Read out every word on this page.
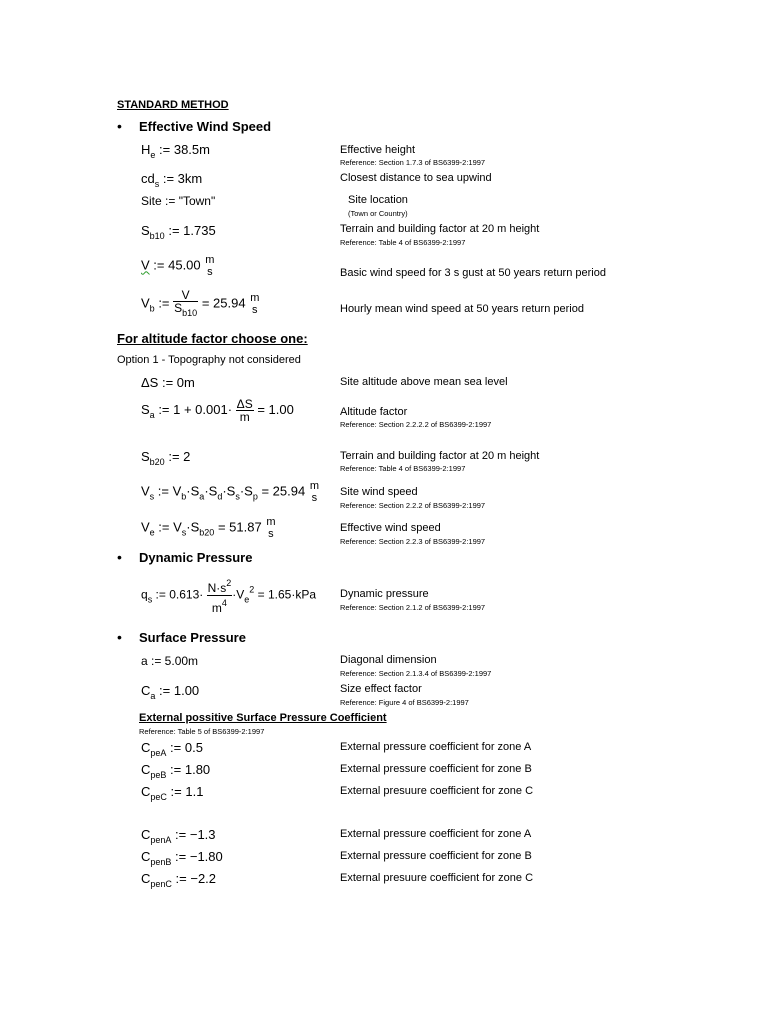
STANDARD METHOD
• Effective Wind Speed
$H_e$ := 38.5m	Effective height
Reference: Section 1.7.3 of BS6399-2:1997
$cd_s$ := 3km	Closest distance to sea upwind
Site := "Town"	Site location
(Town or Country)
$S_{b10}$ := 1.735	Terrain and building factor at 20 m height
Reference: Table 4 of BS6399-2:1997
V := 45.00 m
s	Basic wind speed for 3 s gust at 50 years return period
$V_b$ := $\frac{V}{S_{b10}} = 25.94$ m
s	Hourly mean wind speed at 50 years return period
For altitude factor choose one:
Option 1 - Topography not considered
ΔS := 0m	Site altitude above mean sea level
$S_a$ := $1 + 0.001\cdot \frac{\Delta S}{m} = 1.00$	Altitude factor
Reference: Section 2.2.2.2 of BS6399-2:1997
$S_{b20}$ := 2	Terrain and building factor at 20 m height
Reference: Table 4 of BS6399-2:1997
$V_s$ := $V_b\cdot S_a\cdot S_d\cdot S_s\cdot S_p = 25.94$ m
s Site wind speed
Reference: Section 2.2.2 of BS6399-2:1997
$V_e$ := $V_s\cdot S_{b20} = 51.87$ m
s	Effective wind speed
Reference: Section 2.2.3 of BS6399-2:1997
• Dynamic Pressure
$q_s$ := $0.613\cdot \frac{N\cdot s^2}{m^4} \cdot V_e^2 = 1.65\cdot kPa$ Dynamic pressure
Reference: Section 2.1.2 of BS6399-2:1997
• Surface Pressure
a := 5.00m	Diagonal dimension
Reference: Section 2.1.3.4 of BS6399-2:1997
$C_a$ := 1.00	Size effect factor
Reference: Figure 4 of BS6399-2:1997
External possitive Surface Pressure Coefficient
Reference: Table 5 of BS6399-2:1997
$C_{peA}$ := 0.5	External pressure coefficient for zone A
$C_{peB}$ := 1.80	External pressure coefficient for zone B
$C_{peC}$ := 1.1	External presuure coefficient for zone C
$C_{penA}$ := −1.3	External pressure coefficient for zone A
$C_{penB}$ := −1.80	External pressure coefficient for zone B
$C_{penC}$ := −2.2	External presuure coefficient for zone C
